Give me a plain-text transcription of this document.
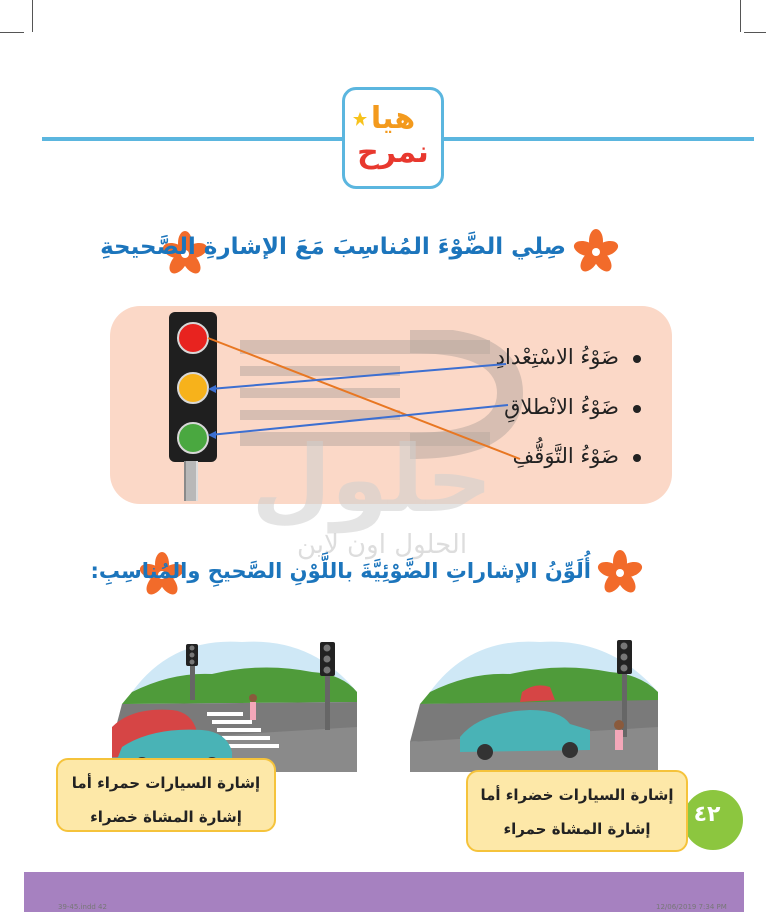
هيا
نمرح
صِلِي الضَّوْءَ المُناسِبَ مَعَ الإشارةِ الصَّحيحةِ
حلول
الحلول اون لاين
ضَوْءُ الاسْتِعْدادِ
ضَوْءُ الانْطلاقِ
ضَوْءُ التَّوَقُّفِ
أُلَوِّنُ الإشاراتِ الضَّوْئِيَّةَ باللَّوْنِ الصَّحيحِ والمُناسِبِ:
إشارة السيارات حمراء أما
إشارة المشاة خضراء	٤٢
إشارة السيارات خضراء أما
إشارة المشاة حمراء
39-45.indd 42	12/06/2019 7:34 PM
